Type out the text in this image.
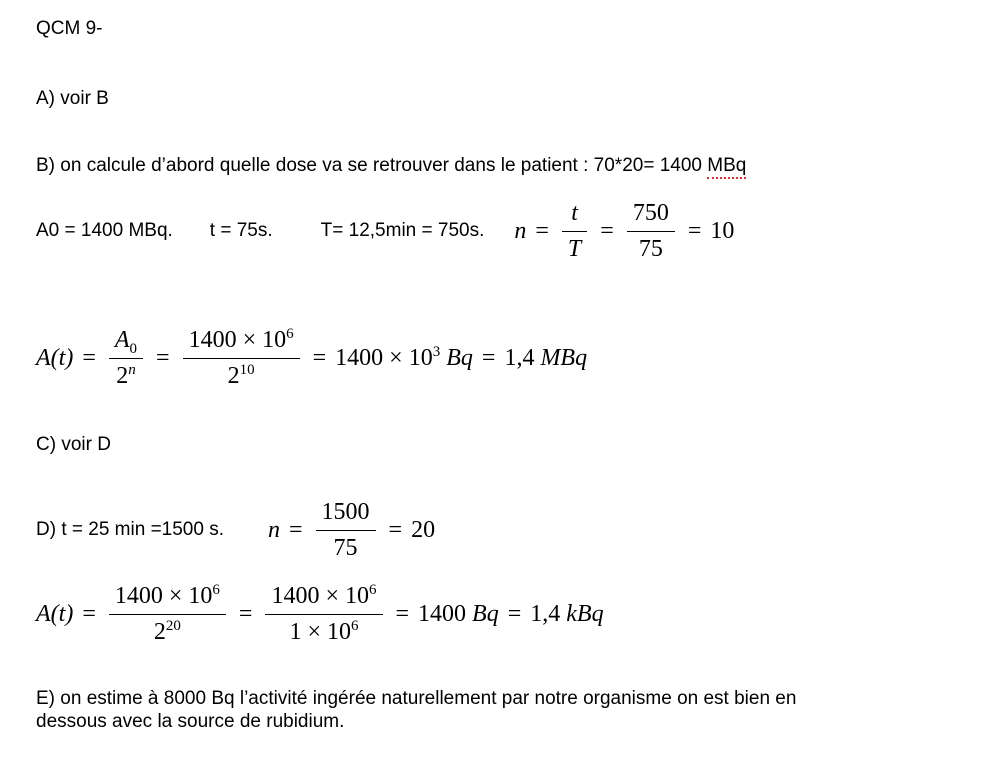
QCM 9-
A) voir B
B) on calcule d’abord quelle dose va se retrouver dans le patient : 70*20= 1400 MBq
A0 = 1400 MBq. t = 75s.	T= 12,5min = 750s. $n = \frac{t}{T} = \frac{750}{75} = 10$
$A(t) = \frac{A_0}{2^n} = \frac{1400 \times 10^6}{2^{10}} = 1400 \times 10^3$ Bq = 1,4 MBq
C) voir D
D) t = 25 min =1500 s. $n = \frac{1500}{75} = 20$
$A(t) = \frac{1400 \times 10^6}{2^{20}} = \frac{1400 \times 10^6}{1 \times 10^6} = 1400$ Bq = 1,4 kBq
E) on estime à 8000 Bq l’activité ingérée naturellement par notre organisme on est bien en
dessous avec la source de rubidium.
